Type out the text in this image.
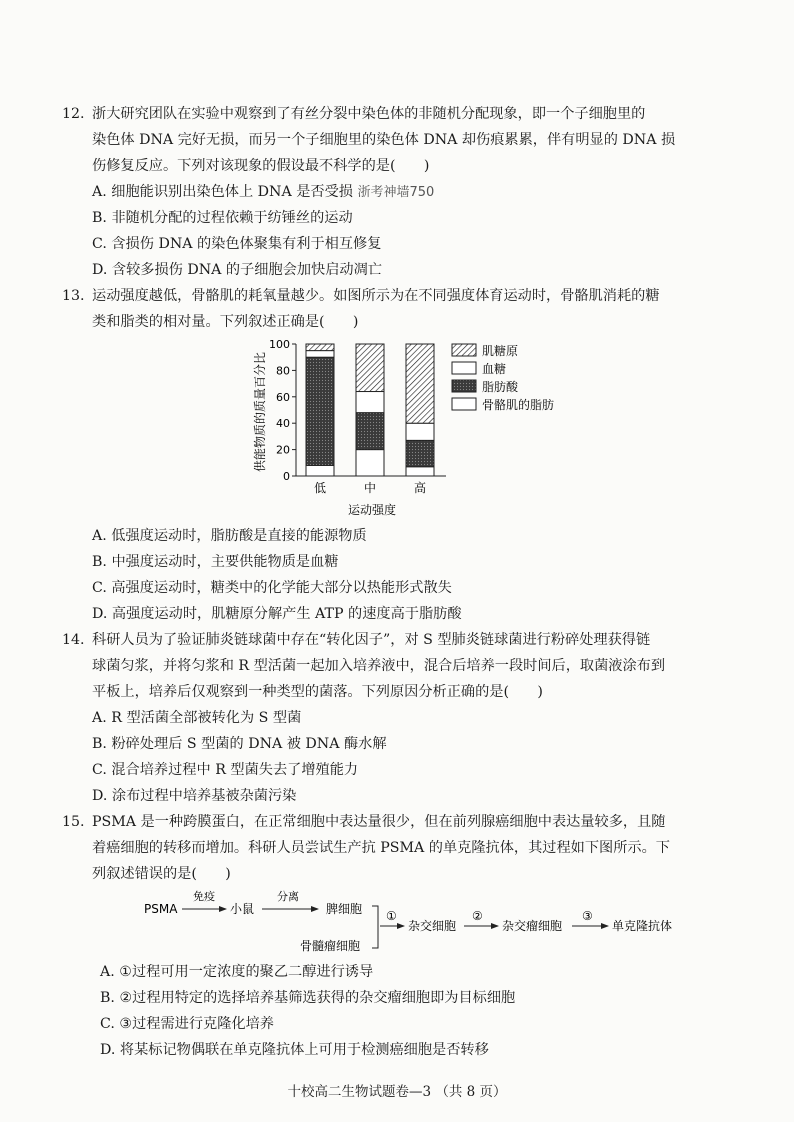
12. 浙大研究团队在实验中观察到了有丝分裂中染色体的非随机分配现象，即一个子细胞里的
染色体 DNA 完好无损，而另一个子细胞里的染色体 DNA 却伤痕累累，伴有明显的 DNA 损
伤修复反应。下列对该现象的假设最不科学的是(　　)
A. 细胞能识别出染色体上 DNA 是否受损 浙考神墙750
B. 非随机分配的过程依赖于纺锤丝的运动
C. 含损伤 DNA 的染色体聚集有利于相互修复
D. 含较多损伤 DNA 的子细胞会加快启动凋亡
13. 运动强度越低，骨骼肌的耗氧量越少。如图所示为在不同强度体育运动时，骨骼肌消耗的糖
类和脂类的相对量。下列叙述正确是(　　)
供能物质的质量百分比
0
20
40
60
80
100
低	中	高
肌糖原
血糖
脂肪酸
骨骼肌的脂肪
运动强度
A. 低强度运动时，脂肪酸是直接的能源物质
B. 中强度运动时，主要供能物质是血糖
C. 高强度运动时，糖类中的化学能大部分以热能形式散失
D. 高强度运动时，肌糖原分解产生 ATP 的速度高于脂肪酸
14. 科研人员为了验证肺炎链球菌中存在“转化因子”，对 S 型肺炎链球菌进行粉碎处理获得链
球菌匀浆，并将匀浆和 R 型活菌一起加入培养液中，混合后培养一段时间后，取菌液涂布到
平板上，培养后仅观察到一种类型的菌落。下列原因分析正确的是(　　)
A. R 型活菌全部被转化为 S 型菌
B. 粉碎处理后 S 型菌的 DNA 被 DNA 酶水解
C. 混合培养过程中 R 型菌失去了增殖能力
D. 涂布过程中培养基被杂菌污染
15. PSMA 是一种跨膜蛋白，在正常细胞中表达量很少，但在前列腺癌细胞中表达量较多，且随
着癌细胞的转移而增加。科研人员尝试生产抗 PSMA 的单克隆抗体，其过程如下图所示。下
列叙述错误的是(　　)
PSMA
免疫
小鼠
分离
脾细胞
骨髓瘤细胞
①
杂交细胞
②
杂交瘤细胞
③
单克隆抗体
A. ①过程可用一定浓度的聚乙二醇进行诱导
B. ②过程用特定的选择培养基筛选获得的杂交瘤细胞即为目标细胞
C. ③过程需进行克隆化培养
D. 将某标记物偶联在单克隆抗体上可用于检测癌细胞是否转移
十校高二生物试题卷—3 （共 8 页）
